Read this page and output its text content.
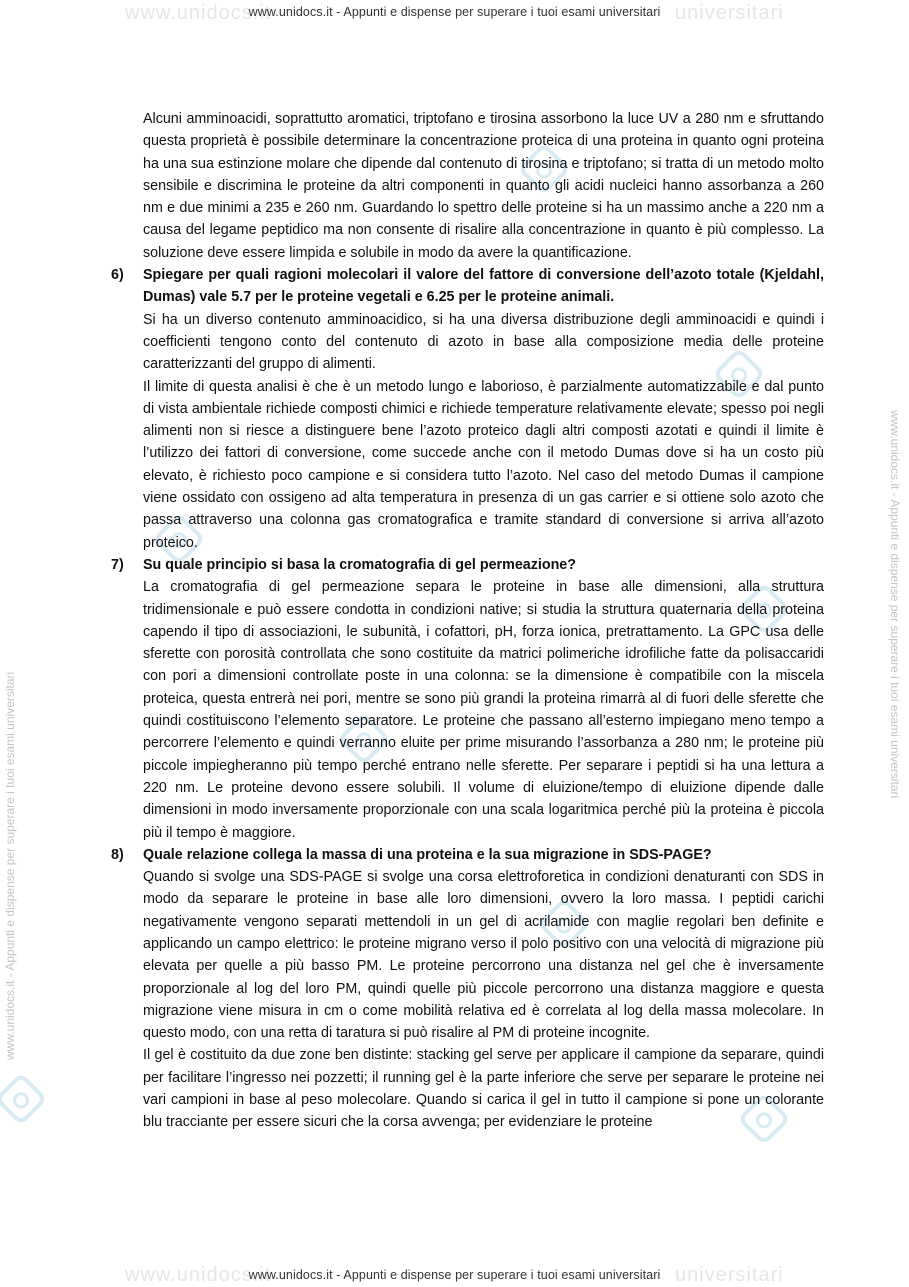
www.unidocs.it	universitari
www.unidocs.it - Appunti e dispense per superare i tuoi esami universitari
www.unidocs.it - Appunti e dispense per superare i tuoi esami universitari
www.unidocs.it - Appunti e dispense per superare i tuoi esami universitari

Alcuni amminoacidi, soprattutto aromatici, triptofano e tirosina assorbono la luce UV a 280 nm e sfruttando questa proprietà è possibile determinare la concentrazione proteica di una proteina in quanto ogni proteina ha una sua estinzione molare che dipende dal contenuto di tirosina e triptofano; si tratta di un metodo molto sensibile e discrimina le proteine da altri componenti in quanto gli acidi nucleici hanno assorbanza a 260 nm e due minimi a 235 e 260 nm. Guardando lo spettro delle proteine si ha un massimo anche a 220 nm a causa del legame peptidico ma non consente di risalire alla concentrazione in quanto è più complesso. La soluzione deve essere limpida e solubile in modo da avere la quantificazione.

6)	Spiegare per quali ragioni molecolari il valore del fattore di conversione dell’azoto totale (Kjeldahl, Dumas) vale 5.7 per le proteine vegetali e 6.25 per le proteine animali.

Si ha un diverso contenuto amminoacidico, si ha una diversa distribuzione degli amminoacidi e quindi i coefficienti tengono conto del contenuto di azoto in base alla composizione media delle proteine caratterizzanti del gruppo di alimenti.

Il limite di questa analisi è che è un metodo lungo e laborioso, è parzialmente automatizzabile e dal punto di vista ambientale richiede composti chimici e richiede temperature relativamente elevate; spesso poi negli alimenti non si riesce a distinguere bene l’azoto proteico dagli altri composti azotati e quindi il limite è l’utilizzo dei fattori di conversione, come succede anche con il metodo Dumas dove si ha un costo più elevato, è richiesto poco campione e si considera tutto l’azoto. Nel caso del metodo Dumas il campione viene ossidato con ossigeno ad alta temperatura in presenza di un gas carrier e si ottiene solo azoto che passa attraverso una colonna gas cromatografica e tramite standard di conversione si arriva all’azoto proteico.

7)	Su quale principio si basa la cromatografia di gel permeazione?

La cromatografia di gel permeazione separa le proteine in base alle dimensioni, alla struttura tridimensionale e può essere condotta in condizioni native; si studia la struttura quaternaria della proteina capendo il tipo di associazioni, le subunità, i cofattori, pH, forza ionica, pretrattamento. La GPC usa delle sferette con porosità controllata che sono costituite da matrici polimeriche idrofiliche fatte da polisaccaridi con pori a dimensioni controllate poste in una colonna: se la dimensione è compatibile con la miscela proteica, questa entrerà nei pori, mentre se sono più grandi la proteina rimarrà al di fuori delle sferette che quindi costituiscono l’elemento separatore. Le proteine che passano all’esterno impiegano meno tempo a percorrere l’elemento e quindi verranno eluite per prime misurando l’assorbanza a 280 nm; le proteine più piccole impiegheranno più tempo perché entrano nelle sferette. Per separare i peptidi si ha una lettura a 220 nm. Le proteine devono essere solubili. Il volume di eluizione/tempo di eluizione dipende dalle dimensioni in modo inversamente proporzionale con una scala logaritmica perché più la proteina è piccola più il tempo è maggiore.

8)	Quale relazione collega la massa di una proteina e la sua migrazione in SDS-PAGE?

Quando si svolge una SDS-PAGE si svolge una corsa elettroforetica in condizioni denaturanti con SDS in modo da separare le proteine in base alle loro dimensioni, ovvero la loro massa. I peptidi carichi negativamente vengono separati mettendoli in un gel di acrilamide con maglie regolari ben definite e applicando un campo elettrico: le proteine migrano verso il polo positivo con una velocità di migrazione più elevata per quelle a più basso PM. Le proteine percorrono una distanza nel gel che è inversamente proporzionale al log del loro PM, quindi quelle più piccole percorrono una distanza maggiore e questa migrazione viene misura in cm o come mobilità relativa ed è correlata al log della massa molecolare. In questo modo, con una retta di taratura si può risalire al PM di proteine incognite.

Il gel è costituito da due zone ben distinte: stacking gel serve per applicare il campione da separare, quindi per facilitare l’ingresso nei pozzetti; il running gel è la parte inferiore che serve per separare le proteine nei vari campioni in base al peso molecolare. Quando si carica il gel in tutto il campione si pone un colorante blu tracciante per essere sicuri che la corsa avvenga; per evidenziare le proteine

www.unidocs.it	universitari
www.unidocs.it - Appunti e dispense per superare i tuoi esami universitari
